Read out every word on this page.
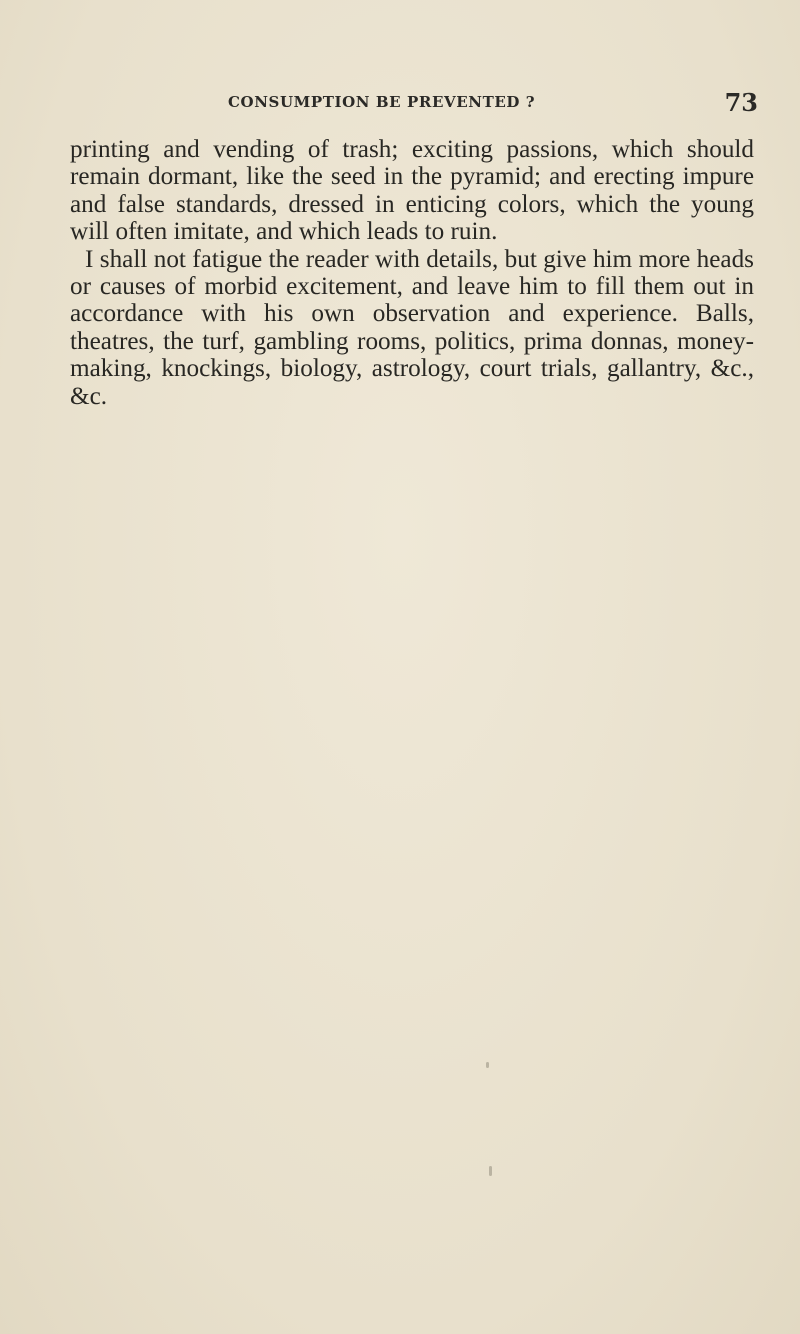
CONSUMPTION BE PREVENTED ?	73

printing and vending of trash; exciting passions, which should remain dormant, like the seed in the pyramid; and erecting impure and false standards, dressed in enticing colors, which the young will often imitate, and which leads to ruin.

I shall not fatigue the reader with details, but give him more heads or causes of morbid excitement, and leave him to fill them out in accordance with his own observation and experience. Balls, theatres, the turf, gambling rooms, politics, prima donnas, money-making, knockings, biology, astrology, court trials, gallantry, &c., &c.
